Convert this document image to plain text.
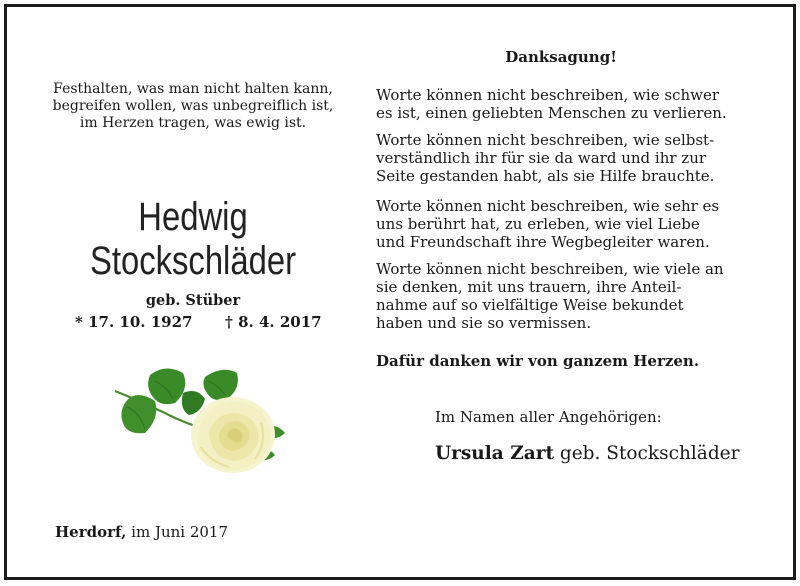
Festhalten, was man nicht halten kann,
begreifen wollen, was unbegreiflich ist,
im Herzen tragen, was ewig ist.
Hedwig
Stockschläder
geb. Stüber
* 17. 10. 1927 † 8. 4. 2017
Herdorf, im Juni 2017
Danksagung!
Worte können nicht beschreiben, wie schwer
es ist, einen geliebten Menschen zu verlieren.
Worte können nicht beschreiben, wie selbst-
verständlich ihr für sie da ward und ihr zur
Seite gestanden habt, als sie Hilfe brauchte.
Worte können nicht beschreiben, wie sehr es
uns berührt hat, zu erleben, wie viel Liebe
und Freundschaft ihre Wegbegleiter waren.
Worte können nicht beschreiben, wie viele an
sie denken, mit uns trauern, ihre Anteil-
nahme auf so vielfältige Weise bekundet
haben und sie so vermissen.
Dafür danken wir von ganzem Herzen.
Im Namen aller Angehörigen:
Ursula Zart geb. Stockschläder
